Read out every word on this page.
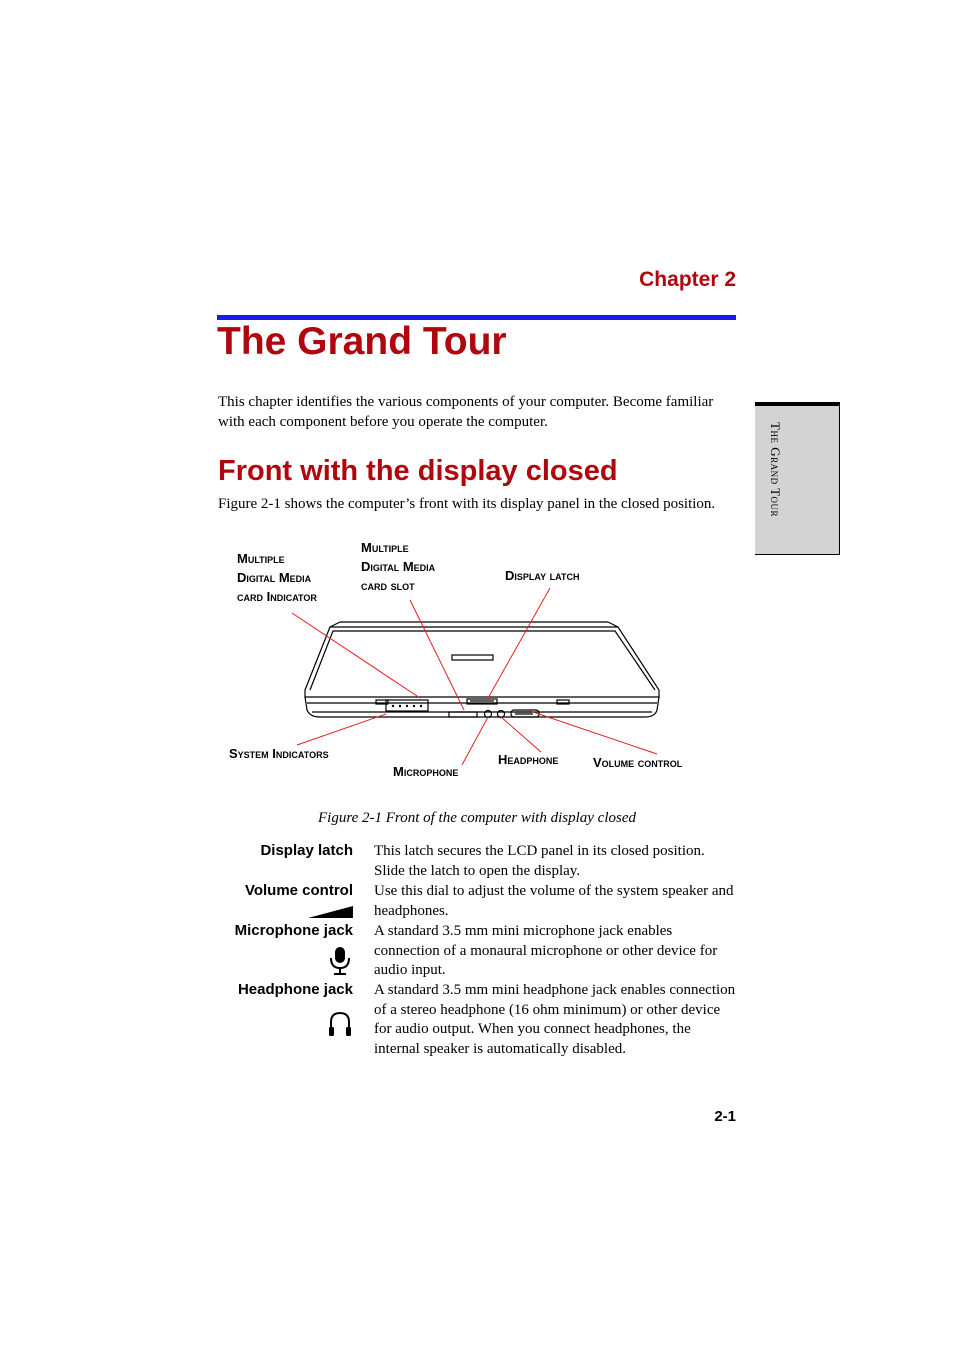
Chapter 2
The Grand Tour
This chapter identifies the various components of your computer. Become familiar with each component before you operate the computer.
Front with the display closed
Figure 2-1 shows the computer’s front with its display panel in the closed position.	The Grand Tour
Multiple
Digital Media
card Indicator
Multiple
Digital Media
card slot
Display latch
System Indicators
Microphone
Headphone	Volume control
Figure 2-1 Front of the computer with display closed
Display latch This latch secures the LCD panel in its closed position. Slide the latch to open the display.
Volume control Use this dial to adjust the volume of the system speaker and headphones.
Microphone jack A standard 3.5 mm mini microphone jack enables connection of a monaural microphone or other device for audio input.
Headphone jack A standard 3.5 mm mini headphone jack enables connection of a stereo headphone (16 ohm minimum) or other device for audio output. When you connect headphones, the internal speaker is automatically disabled.
2-1
